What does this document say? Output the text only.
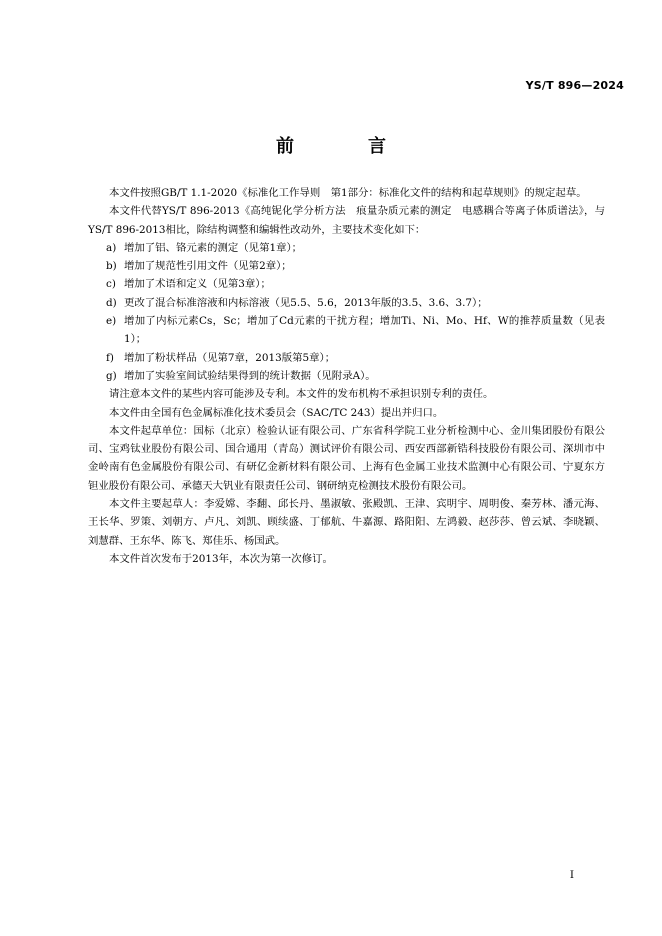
YS/T 896—2024
前　言

本文件按照GB/T 1.1-2020《标准化工作导则　第1部分：标准化文件的结构和起草规则》的规定起草。

本文件代替YS/T 896-2013《高纯铌化学分析方法　痕量杂质元素的测定　电感耦合等离子体质谱法》，与YS/T 896-2013相比，除结构调整和编辑性改动外，主要技术变化如下：

a) 增加了铝、铬元素的测定（见第1章）；
b) 增加了规范性引用文件（见第2章）；
c) 增加了术语和定义（见第3章）；
d) 更改了混合标准溶液和内标溶液（见5.5、5.6，2013年版的3.5、3.6、3.7）；
e) 增加了内标元素Cs，Sc；增加了Cd元素的干扰方程；增加Ti、Ni、Mo、Hf、W的推荐质量数（见表1）；
f) 增加了粉状样品（见第7章，2013版第5章）；
g) 增加了实验室间试验结果得到的统计数据（见附录A）。

请注意本文件的某些内容可能涉及专利。本文件的发布机构不承担识别专利的责任。

本文件由全国有色金属标准化技术委员会（SAC/TC 243）提出并归口。

本文件起草单位：国标（北京）检验认证有限公司、广东省科学院工业分析检测中心、金川集团股份有限公司、宝鸡钛业股份有限公司、国合通用（青岛）测试评价有限公司、西安西部新锆科技股份有限公司、深圳市中金岭南有色金属股份有限公司、有研亿金新材料有限公司、上海有色金属工业技术监测中心有限公司、宁夏东方钽业股份有限公司、承德天大钒业有限责任公司、钢研纳克检测技术股份有限公司。

本文件主要起草人：李爱嫦、李翻、邱长丹、墨淑敏、张殿凯、王津、宾明宇、周明俊、秦芳林、潘元海、王长华、罗策、刘朝方、卢凡、刘凯、顾续盛、丁郁航、牛嘉源、路阳阳、左鸿毅、赵莎莎、曾云斌、李晓颖、刘慧群、王东华、陈飞、郑佳乐、杨国武。

本文件首次发布于2013年，本次为第一次修订。

I
